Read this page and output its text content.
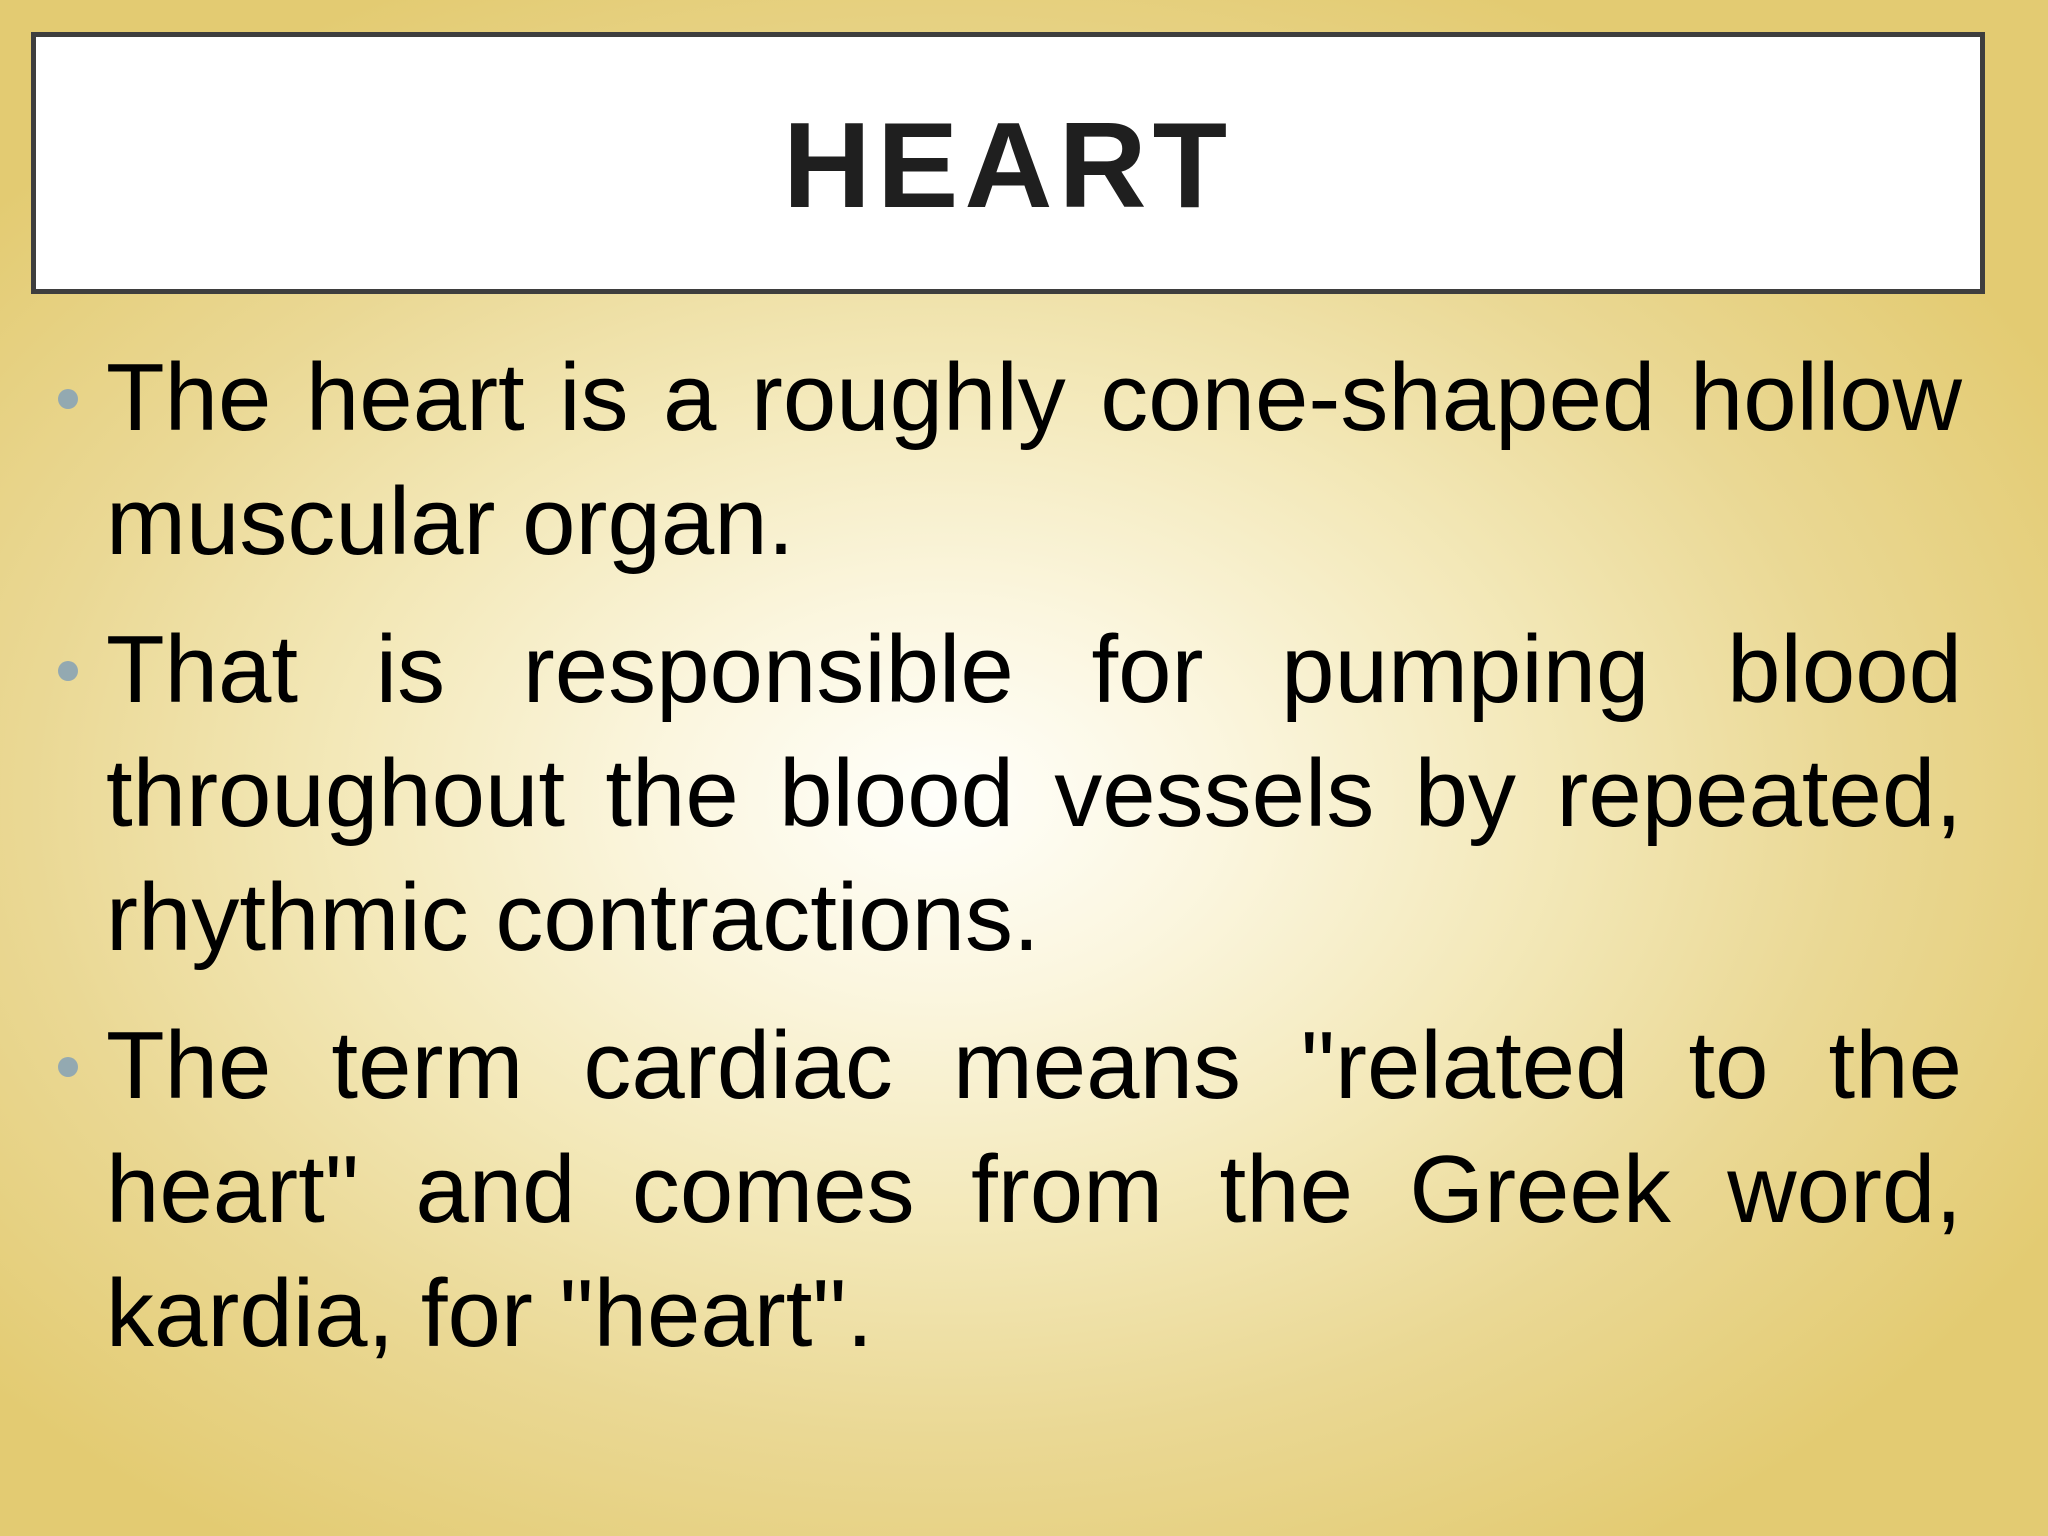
HEART
The heart is a roughly cone-shaped hollow muscular organ.
That is responsible for pumping blood throughout the blood vessels by repeated, rhythmic contractions.
The term cardiac means "related to the heart" and comes from the Greek word, kardia, for "heart".
